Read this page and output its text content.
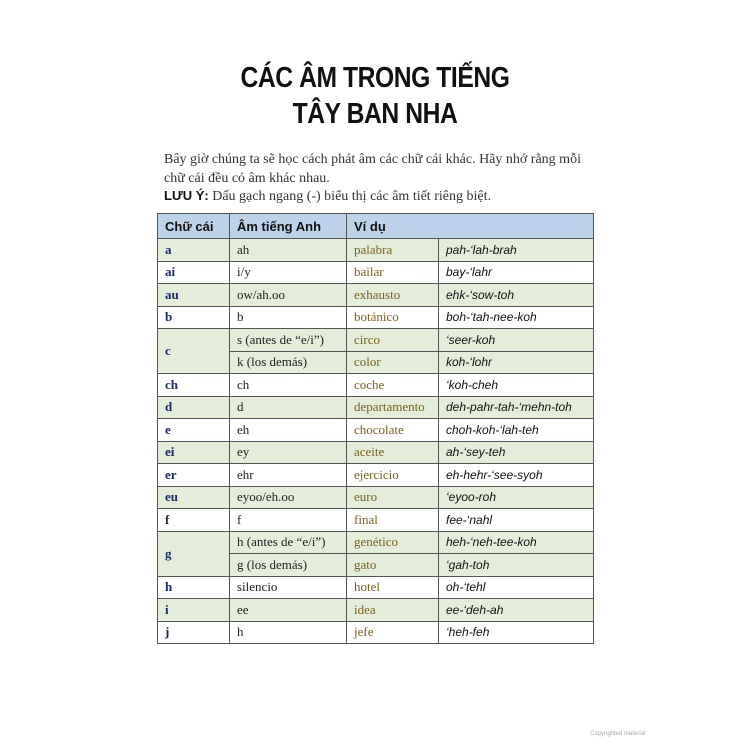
CÁC ÂM TRONG TIẾNG
TÂY BAN NHA
Bây giờ chúng ta sẽ học cách phát âm các chữ cái khác. Hãy nhớ rằng mỗi chữ cái đều có âm khác nhau.
LƯU Ý: Dấu gạch ngang (-) biểu thị các âm tiết riêng biệt.
Chữ cái	Âm tiếng Anh	Ví dụ	
a	ah	palabra	pah-‘lah-brah
ai	i/y	bailar	bay-‘lahr
au	ow/ah.oo	exhausto	ehk-‘sow-toh
b	b	botánico	boh-‘tah-nee-koh
c	s (antes de “e/i”)	circo	‘seer-koh
	k (los demás)	color	koh-‘lohr
ch	ch	coche	‘koh-cheh
d	d	departamento	deh-pahr-tah-‘mehn-toh
e	eh	chocolate	choh-koh-‘lah-teh
ei	ey	aceite	ah-‘sey-teh
er	ehr	ejercicio	eh-hehr-‘see-syoh
eu	eyoo/eh.oo	euro	‘eyoo-roh
f	f	final	fee-‘nahl
g	h (antes de “e/i”)	genético	heh-‘neh-tee-koh
	g (los demás)	gato	‘gah-toh
h	silencio	hotel	oh-‘tehl
i	ee	idea	ee-‘deh-ah
j	h	jefe	‘heh-feh
Copyrighted material
